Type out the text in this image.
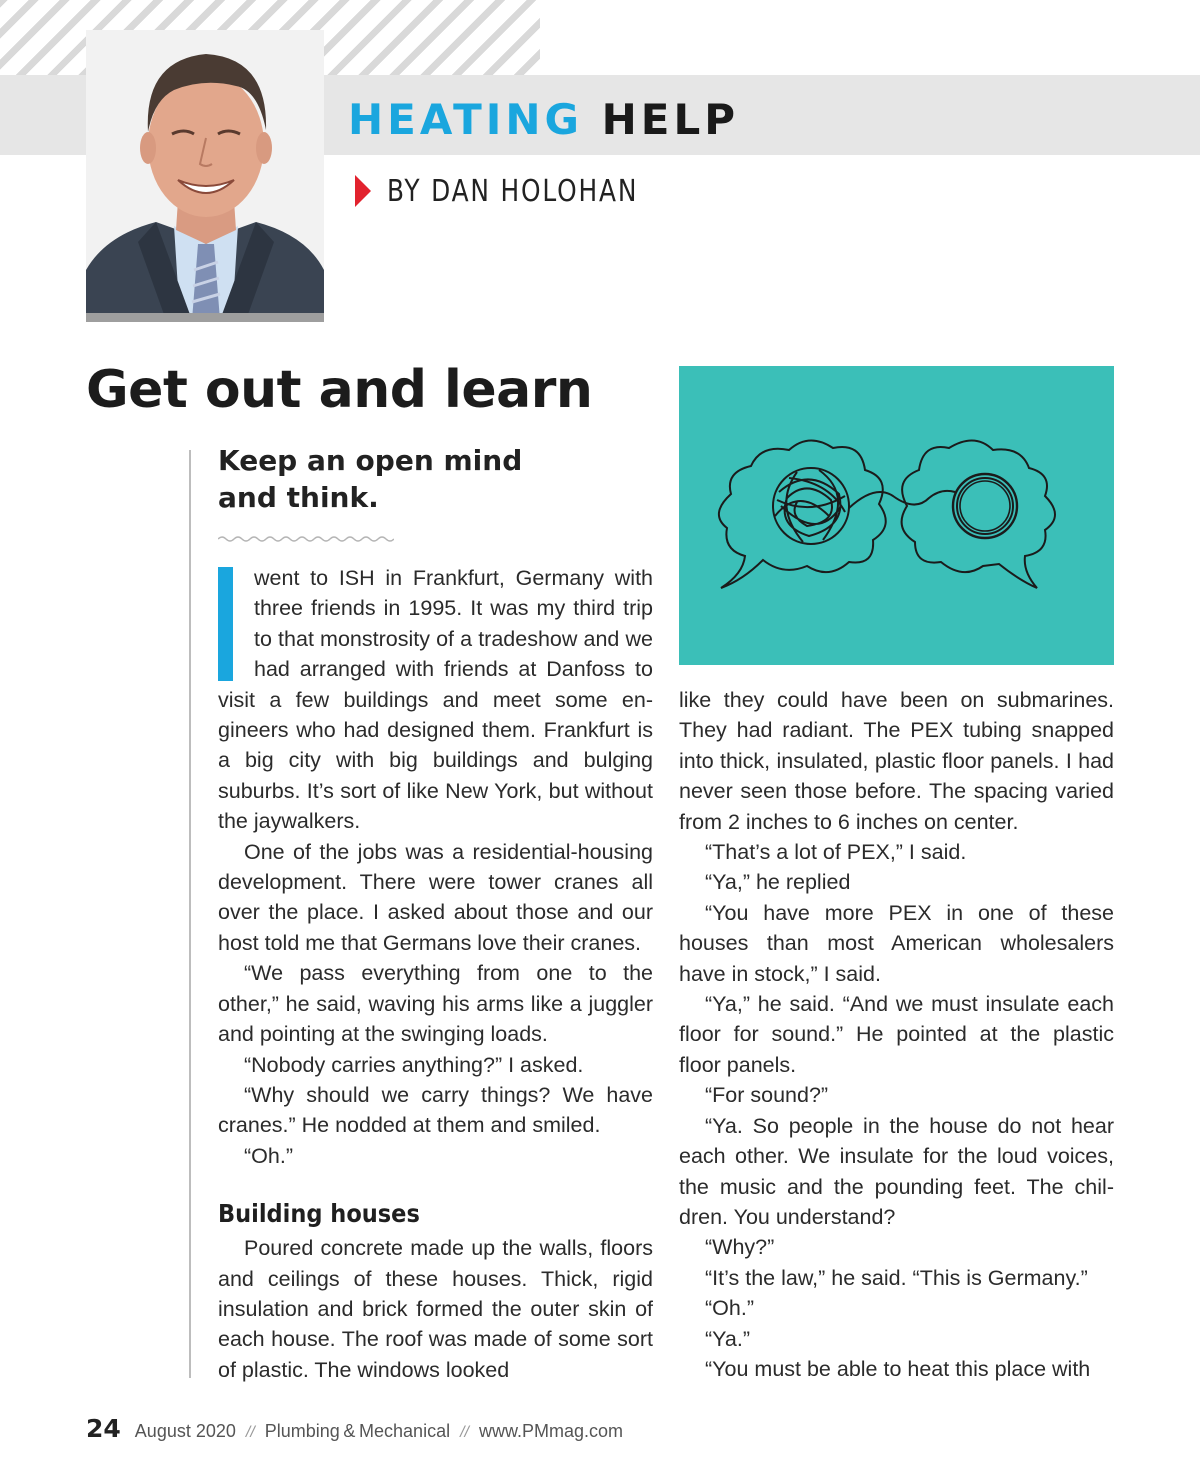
HEATING HELP
BY DAN HOLOHAN
Get out and learn
Keep an open mind
and think.

went to ISH in Frankfurt, Germany with three friends in 1995. It was my third trip to that monstrosity of a tradeshow and we had arranged with friends at Danfoss to visit a few buildings and meet some engineers who had designed them. Frankfurt is a big city with big buildings and bulging suburbs. It’s sort of like New York, but without the jaywalkers.

One of the jobs was a residential-housing development. There were tower cranes all over the place. I asked about those and our host told me that Germans love their cranes.

“We pass everything from one to the other,” he said, waving his arms like a juggler and pointing at the swinging loads.

“Nobody carries anything?” I asked.

“Why should we carry things? We have cranes.” He nodded at them and smiled.

“Oh.”

Building houses

Poured concrete made up the walls, floors and ceilings of these houses. Thick, rigid insulation and brick formed the outer skin of each house. The roof was made of some sort of plastic. The windows looked

like they could have been on submarines. They had radiant. The PEX tubing snapped into thick, insulated, plastic floor panels. I had never seen those before. The spacing varied from 2 inches to 6 inches on center.

“That’s a lot of PEX,” I said.

“Ya,” he replied

“You have more PEX in one of these houses than most American wholesalers have in stock,” I said.

“Ya,” he said. “And we must insulate each floor for sound.” He pointed at the plastic floor panels.

“For sound?”

“Ya. So people in the house do not hear each other. We insulate for the loud voices, the music and the pounding feet. The children. You understand?

“Why?”

“It’s the law,” he said. “This is Germany.”

“Oh.”

“Ya.”

“You must be able to heat this place with

24 August 2020 // Plumbing & Mechanical // www.PMmag.com
